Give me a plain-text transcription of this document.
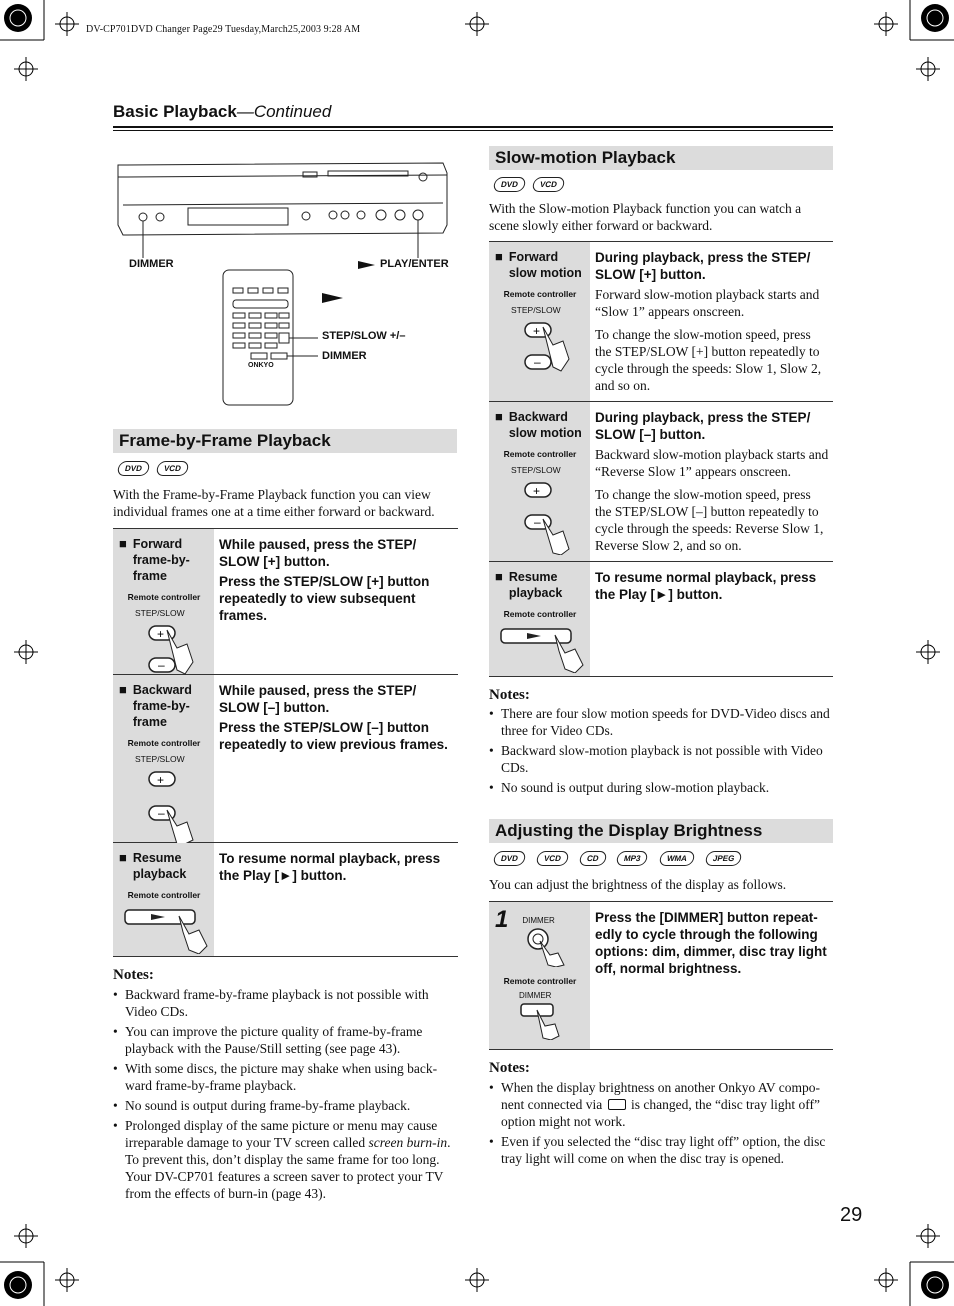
DV-CP701DVD Changer Page29 Tuesday,March25,2003 9:28 AM
Basic Playback—Continued
DIMMER	PLAY/ENTER
STEP/SLOW +/–
DIMMER
ONKYO
Frame-by-Frame Playback
DVD	VCD

With the Frame-by-Frame Playback function you can view individual frames one at a time either forward or backward.

■ Forward frame-by-frame
Remote controller
STEP/SLOW
+
–
While paused, press the STEP/ SLOW [+] button.
Press the STEP/SLOW [+] button repeatedly to view subsequent frames.
■ Backward frame-by-frame
Remote controller
STEP/SLOW
+
–
While paused, press the STEP/ SLOW [–] button.
Press the STEP/SLOW [–] button repeatedly to view previous frames.
■ Resume playback
Remote controller
To resume normal playback, press the Play [►] button.
Notes:
• Backward frame-by-frame playback is not possible with Video CDs.
• You can improve the picture quality of frame-by-frame playback with the Pause/Still setting (see page 43).
• With some discs, the picture may shake when using back-ward frame-by-frame playback.
• No sound is output during frame-by-frame playback.
• Prolonged display of the same picture or menu may cause irreparable damage to your TV screen called screen burn-in. To prevent this, don’t display the same frame for too long. Your DV-CP701 features a screen saver to protect your TV from the effects of burn-in (page 43).
Slow-motion Playback
DVD	VCD

With the Slow-motion Playback function you can watch a scene slowly either forward or backward.

■ Forward slow motion
Remote controller
STEP/SLOW
+
–
During playback, press the STEP/ SLOW [+] button.

Forward slow-motion playback starts and “Slow 1” appears onscreen.

To change the slow-motion speed, press the STEP/SLOW [+] button repeatedly to cycle through the speeds: Slow 1, Slow 2, and so on.

■ Backward slow motion
Remote controller
STEP/SLOW
+
–
During playback, press the STEP/ SLOW [–] button.

Backward slow-motion playback starts and “Reverse Slow 1” appears onscreen.

To change the slow-motion speed, press the STEP/SLOW [–] button repeatedly to cycle through the speeds: Reverse Slow 1, Reverse Slow 2, and so on.

■ Resume playback
Remote controller
To resume normal playback, press the Play [►] button.
Notes:
• There are four slow motion speeds for DVD-Video discs and three for Video CDs.
• Backward slow-motion playback is not possible with Video CDs.
• No sound is output during slow-motion playback.
Adjusting the Display Brightness
DVD	VCD	CD	MP3	WMA	JPEG

You can adjust the brightness of the display as follows.

1 DIMMER
Remote controller
DIMMER
Press the [DIMMER] button repeat-edly to cycle through the following options: dim, dimmer, disc tray light off, normal brightness.
Notes:
• When the display brightness on another Onkyo AV compo-nent connected via  is changed, the “disc tray light off” option might not work.
• Even if you selected the “disc tray light off” option, the disc tray light will come on when the disc tray is opened.
29
